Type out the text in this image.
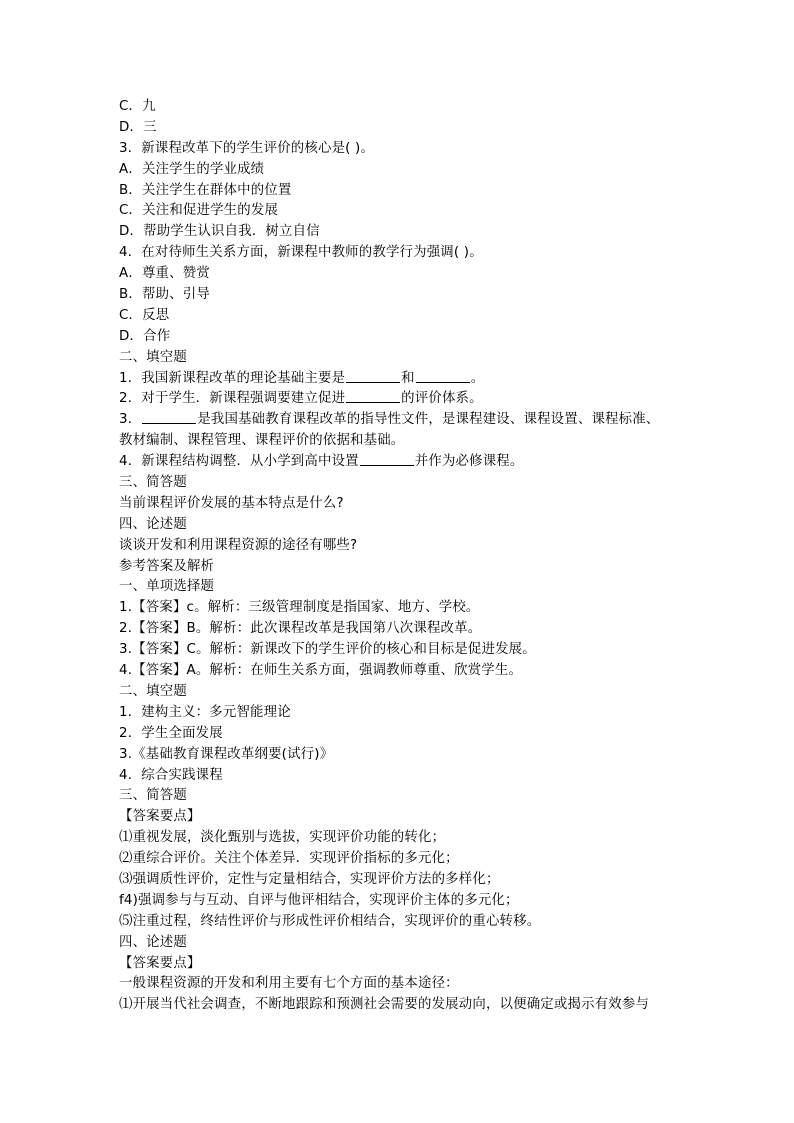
C．九
D．三
3．新课程改革下的学生评价的核心是( )。
A．关注学生的学业成绩
B．关注学生在群体中的位置
C．关注和促进学生的发展
D．帮助学生认识自我．树立自信
4．在对待师生关系方面，新课程中教师的教学行为强调( )。
A．尊重、赞赏
B．帮助、引导
C．反思
D．合作
二、填空题
1．我国新课程改革的理论基础主要是	和	。
2．对于学生．新课程强调要建立促进	的评价体系。
3．	是我国基础教育课程改革的指导性文件，是课程建设、课程设置、课程标准、
教材编制、课程管理、课程评价的依据和基础。
4．新课程结构调整．从小学到高中设置	并作为必修课程。
三、简答题
当前课程评价发展的基本特点是什么?
四、论述题
谈谈开发和利用课程资源的途径有哪些?
参考答案及解析
一、单项选择题
1.【答案】c。解析：三级管理制度是指国家、地方、学校。
2.【答案】B。解析：此次课程改革是我国第八次课程改革。
3.【答案】C。解析：新课改下的学生评价的核心和目标是促进发展。
4.【答案】A。解析：在师生关系方面，强调教师尊重、欣赏学生。
二、填空题
1．建构主义：多元智能理论
2．学生全面发展
3.《基础教育课程改革纲要(试行)》
4．综合实践课程
三、简答题
【答案要点】
⑴重视发展，淡化甄别与选拔，实现评价功能的转化；
⑵重综合评价。关注个体差异．实现评价指标的多元化；
⑶强调质性评价，定性与定量相结合，实现评价方法的多样化；
f4)强调参与与互动、自评与他评相结合，实现评价主体的多元化；
⑸注重过程，终结性评价与形成性评价相结合，实现评价的重心转移。
四、论述题
【答案要点】
一般课程资源的开发和利用主要有七个方面的基本途径：
⑴开展当代社会调查，不断地跟踪和预测社会需要的发展动向，以便确定或揭示有效参与
